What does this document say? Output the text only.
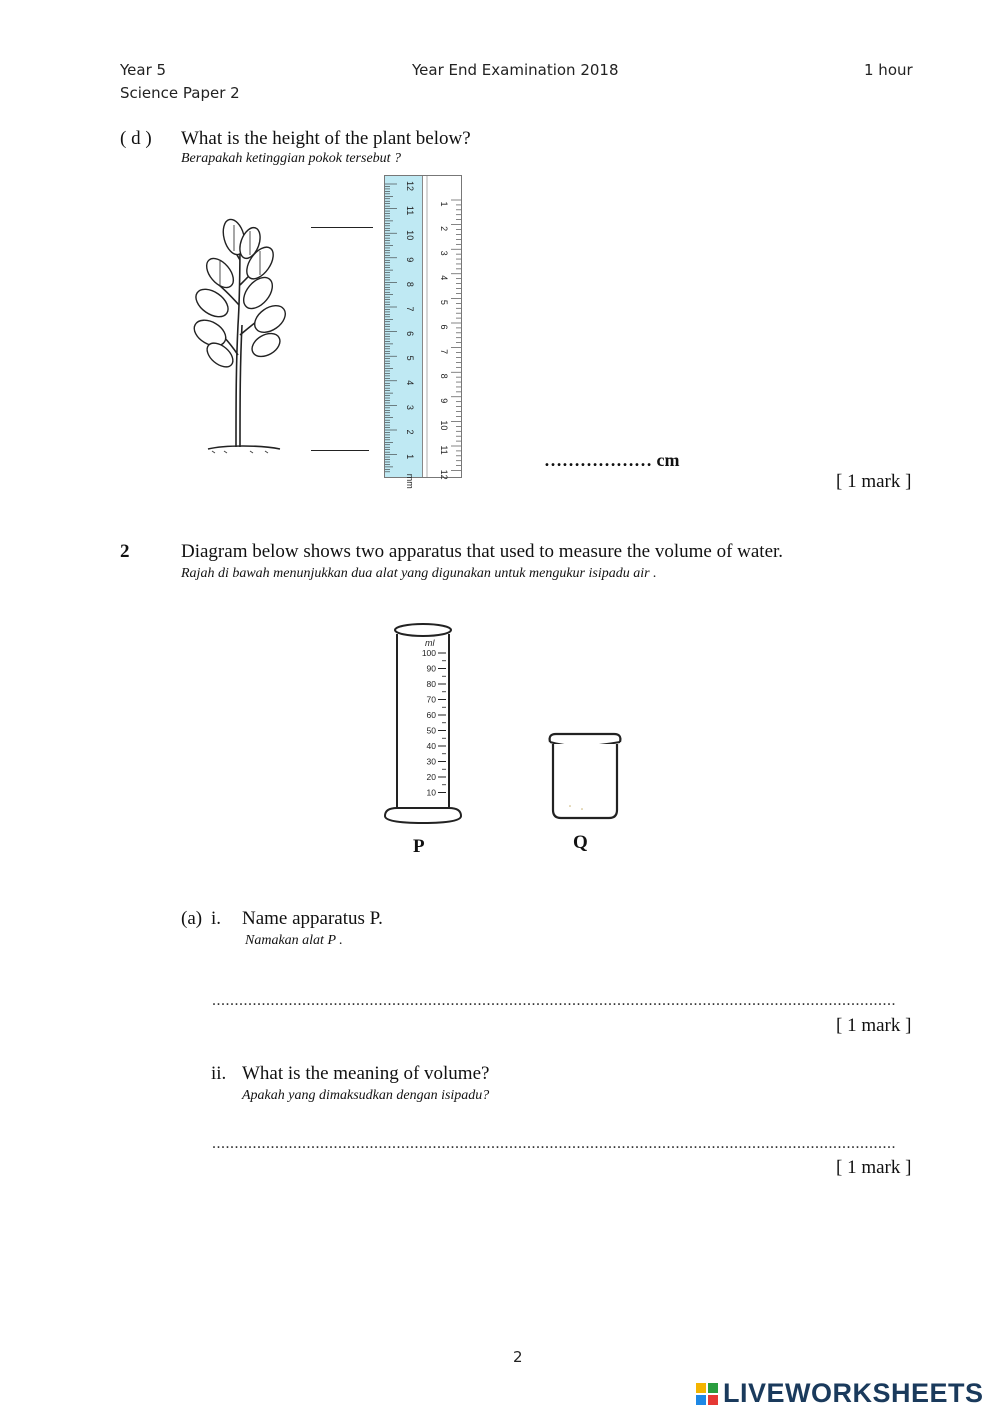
Year 5
Science Paper 2
Year End Examination 2018	1 hour
( d ) What is the height of the plant below?
Berapakah ketinggian pokok tersebut ?
12
11
10
9
8
7
6
5
4
3
2
1
mm
1
2
3
4
5
6
7
8
9
10
11
12
……………… cm
[ 1 mark ]
2	Diagram below shows two apparatus that used to measure the volume of water.
Rajah di bawah menunjukkan dua alat yang digunakan untuk mengukur isipadu air .
ml
100
90
80
70
60
50
40
30
20
10
P	Q
(a) i. Name apparatus P.
Namakan alat P .
........................................................................................................................................................
[ 1 mark ]
ii. What is the meaning of volume?
Apakah yang dimaksudkan dengan isipadu?
........................................................................................................................................................
[ 1 mark ]
2
LIVEWORKSHEETS
